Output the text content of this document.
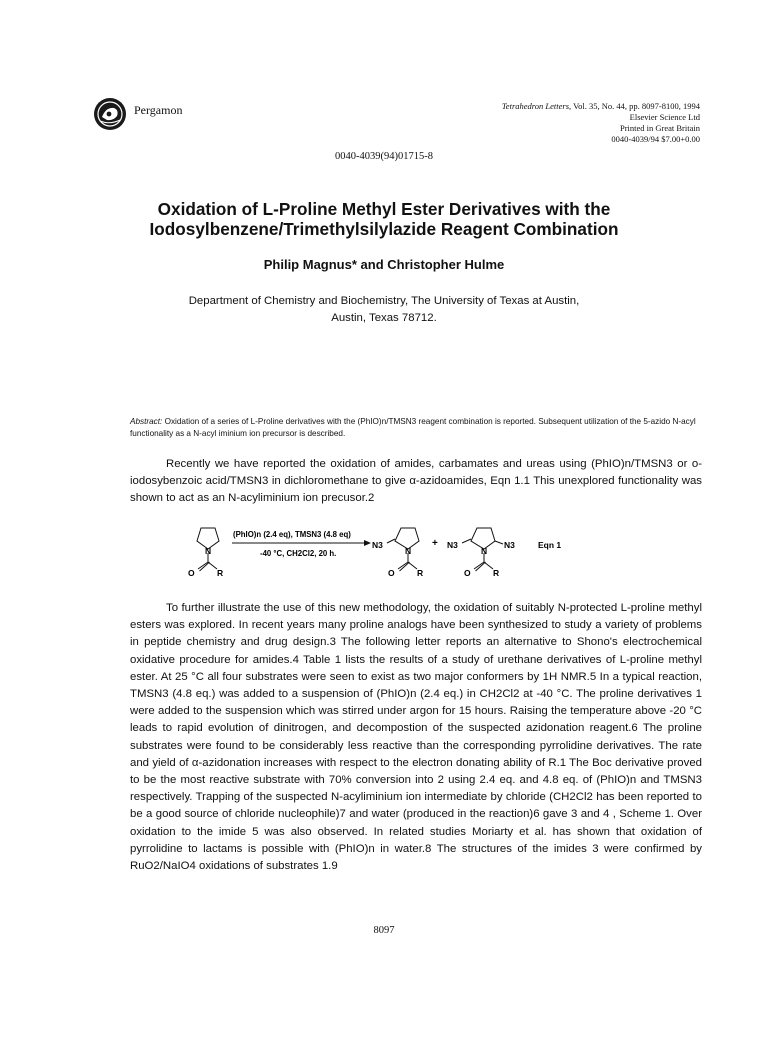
Pergamon	Tetrahedron Letters, Vol. 35, No. 44, pp. 8097-8100, 1994
Elsevier Science Ltd
Printed in Great Britain
0040-4039/94 $7.00+0.00
0040-4039(94)01715-8
Oxidation of L-Proline Methyl Ester Derivatives with the
Iodosylbenzene/Trimethylsilylazide Reagent Combination
Philip Magnus* and Christopher Hulme
Department of Chemistry and Biochemistry, The University of Texas at Austin,
Austin, Texas 78712.
Abstract: Oxidation of a series of L-Proline derivatives with the (PhIO)n/TMSN3 reagent combination is reported. Subsequent utilization of the 5-azido N-acyl functionality as a N-acyl iminium ion precursor is described.

Recently we have reported the oxidation of amides, carbamates and ureas using (PhIO)n/TMSN3 or o-iodosybenzoic acid/TMSN3 in dichloromethane to give α-azidoamides, Eqn 1.1 This unexplored functionality was shown to act as an N-acyliminium ion precusor.2

N
O	R
(PhIO)n (2.4 eq), TMSN3 (4.8 eq)
-40 °C, CH2Cl2, 20 h.
N3
N
O	R
+ N3
N
N3
O	R
Eqn 1

To further illustrate the use of this new methodology, the oxidation of suitably N-protected L-proline methyl esters was explored. In recent years many proline analogs have been synthesized to study a variety of problems in peptide chemistry and drug design.3 The following letter reports an alternative to Shono's electrochemical oxidative procedure for amides.4 Table 1 lists the results of a study of urethane derivatives of L-proline methyl ester. At 25 °C all four substrates were seen to exist as two major conformers by 1H NMR.5 In a typical reaction, TMSN3 (4.8 eq.) was added to a suspension of (PhIO)n (2.4 eq.) in CH2Cl2 at -40 °C. The proline derivatives 1 were added to the suspension which was stirred under argon for 15 hours. Raising the temperature above -20 °C leads to rapid evolution of dinitrogen, and decompostion of the suspected azidonation reagent.6 The proline substrates were found to be considerably less reactive than the corresponding pyrrolidine derivatives. The rate and yield of α-azidonation increases with respect to the electron donating ability of R.1 The Boc derivative proved to be the most reactive substrate with 70% conversion into 2 using 2.4 eq. and 4.8 eq. of (PhIO)n and TMSN3 respectively. Trapping of the suspected N-acyliminium ion intermediate by chloride (CH2Cl2 has been reported to be a good source of chloride nucleophile)7 and water (produced in the reaction)6 gave 3 and 4 , Scheme 1. Over oxidation to the imide 5 was also observed. In related studies Moriarty et al. has shown that oxidation of pyrrolidine to lactams is possible with (PhIO)n in water.8 The structures of the imides 3 were confirmed by RuO2/NaIO4 oxidations of substrates 1.9

8097
